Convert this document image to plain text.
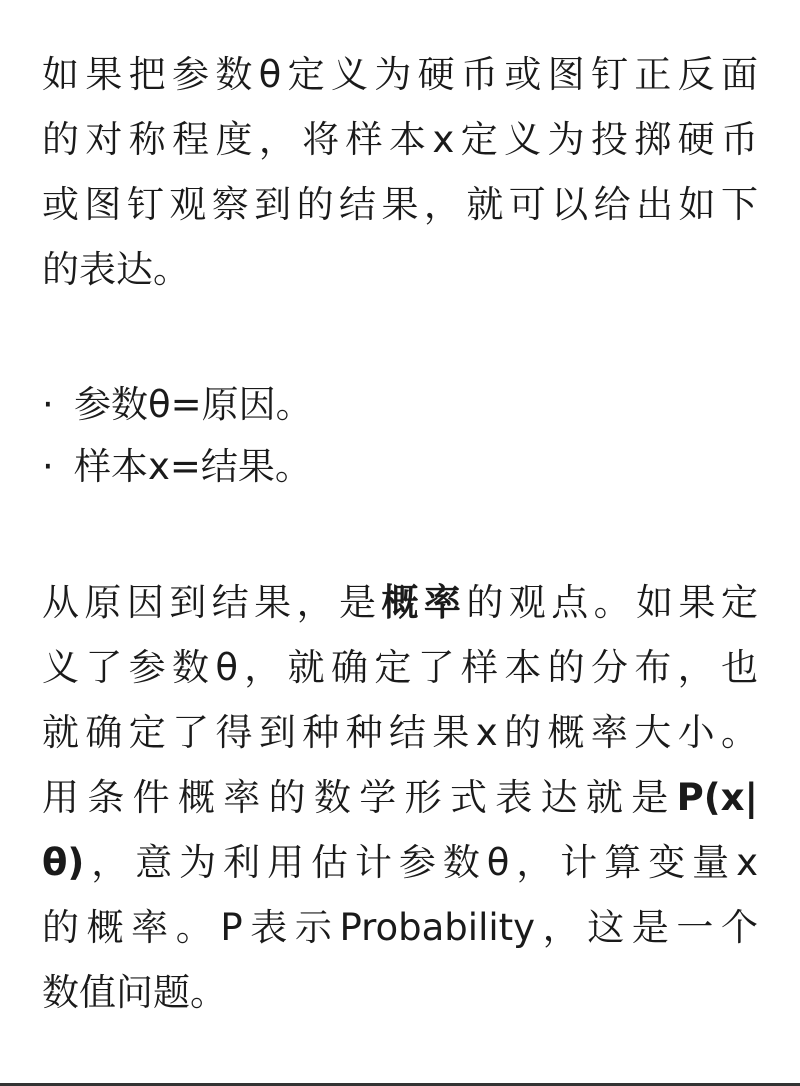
如果把参数θ定义为硬币或图钉正反面
的对称程度，将样本x定义为投掷硬币
或图钉观察到的结果，就可以给出如下
的表达。
· 参数θ=原因。
· 样本x=结果。
从原因到结果，是概率的观点。如果定
义了参数θ，就确定了样本的分布，也
就确定了得到种种结果x的概率大小。
用条件概率的数学形式表达就是P(x|
θ)，意为利用估计参数θ，计算变量x
的概率。P表示Probability，这是一个
数值问题。
